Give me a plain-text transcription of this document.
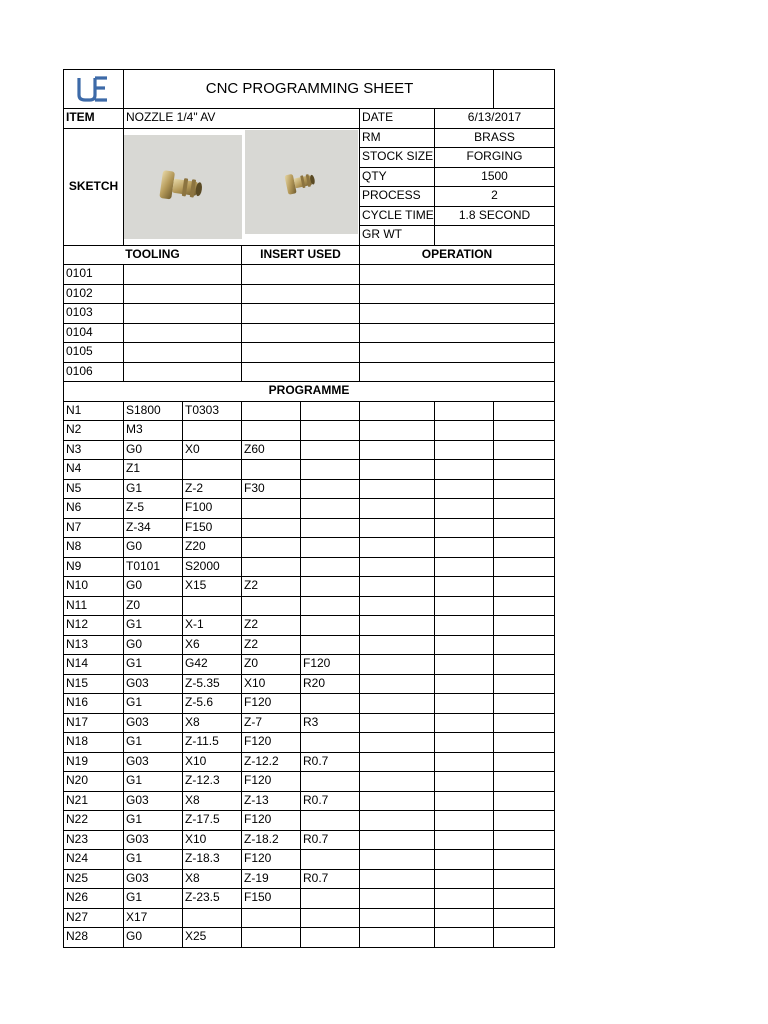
CNC PROGRAMMING SHEET
ITEM	NOZZLE 1/4" AV
SKETCH
DATE	6/13/2017
RM	BRASS
STOCK SIZE	FORGING
QTY	1500
PROCESS	2
CYCLE TIME	1.8 SECOND
GR WT
TOOLING	INSERT USED	OPERATION
0101
0102
0103
0104
0105
0106
PROGRAMME
N1	S1800	T0303
N2	M3
N3	G0	X0	Z60
N4	Z1
N5	G1	Z-2	F30
N6	Z-5	F100
N7	Z-34	F150
N8	G0	Z20
N9	T0101	S2000
N10	G0	X15	Z2
N11	Z0
N12	G1	X-1	Z2
N13	G0	X6	Z2
N14	G1	G42	Z0	F120
N15	G03	Z-5.35	X10	R20
N16	G1	Z-5.6	F120
N17	G03	X8	Z-7	R3
N18	G1	Z-11.5	F120
N19	G03	X10	Z-12.2	R0.7
N20	G1	Z-12.3	F120
N21	G03	X8	Z-13	R0.7
N22	G1	Z-17.5	F120
N23	G03	X10	Z-18.2	R0.7
N24	G1	Z-18.3	F120
N25	G03	X8	Z-19	R0.7
N26	G1	Z-23.5	F150
N27	X17
N28	G0	X25
